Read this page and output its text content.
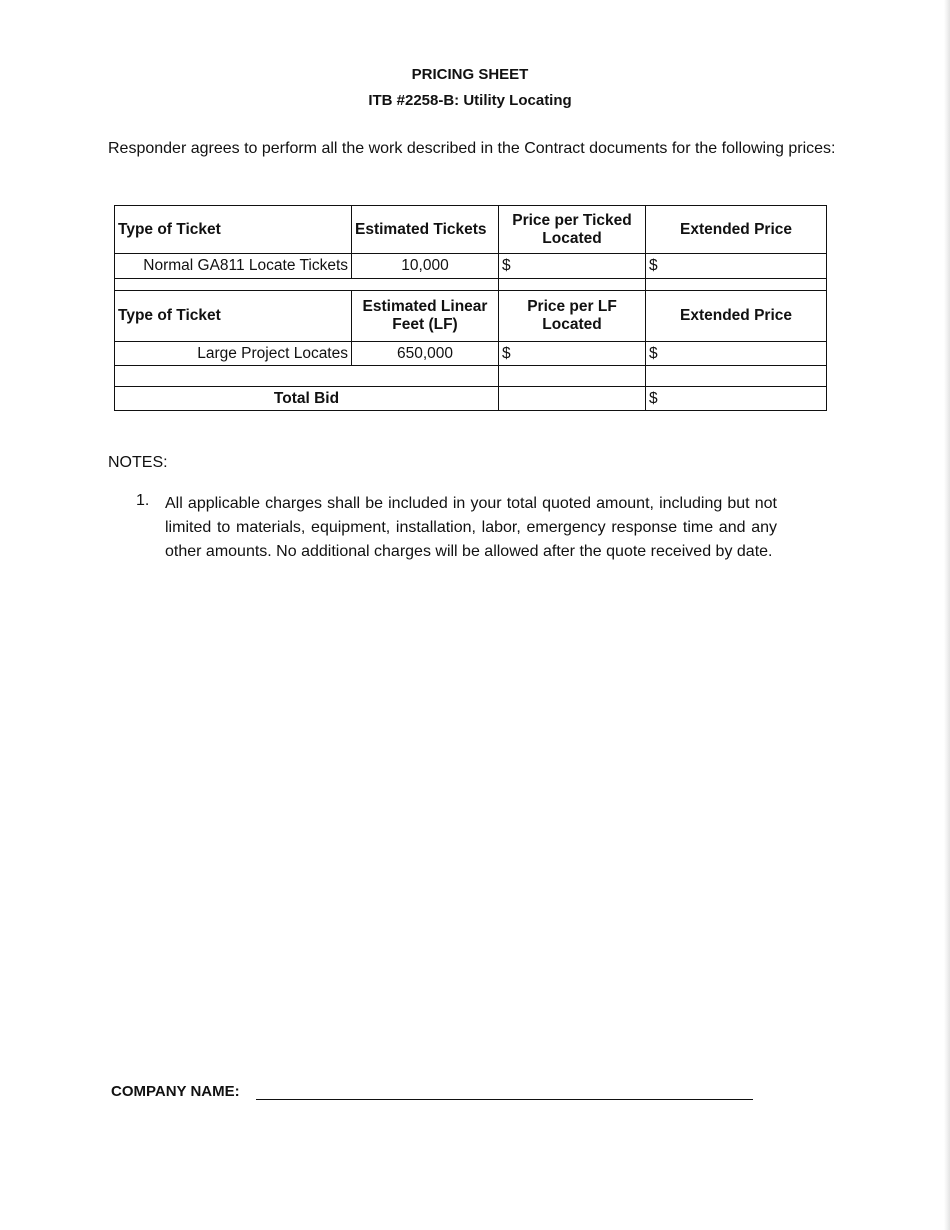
PRICING SHEET
ITB #2258-B: Utility Locating
Responder agrees to perform all the work described in the Contract documents for the following prices:
Type of Ticket	Estimated Tickets	Price per Ticked Located	Extended Price
Normal GA811 Locate Tickets	10,000	$	$

Type of Ticket	Estimated Linear Feet (LF)	Price per LF Located	Extended Price
Large Project Locates	650,000	$	$

Total Bid			$
NOTES:
1. All applicable charges shall be included in your total quoted amount, including but not limited to materials, equipment, installation, labor, emergency response time and any other amounts. No additional charges will be allowed after the quote received by date.
COMPANY NAME:
